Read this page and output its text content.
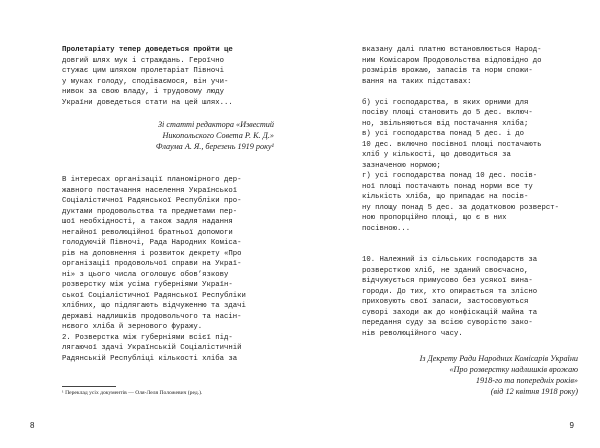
Пролетаріату тепер доведеться пройти це
довгий шлях мук і страждань. Героїчно
стужає цим шляхом пролетаріат Півночі
у муках голоду, сподіваємося, він учи-
нивок за свою владу, і трудовому люду
України доведеться стати на цей шлях...
Зі статті редактора «Известий
Никопольского Совета Р. К. Д.»
Флаума А. Я., березень 1919 року¹
В інтересах організації планомірного дер-
жавного постачання населення Української
Соціалістичної Радянської Республіки про-
дуктами продовольства та предметами пер-
шої необхідності, а також задля надання
негайної революційної братньої допомоги
голодуючій Півночі, Рада Народних Коміса-
рів на доповнення і розвиток декрету «Про
організації продовольчої справи на Украї-
ні» з цього числа оголошує обов’язкову
розверстку між усіма губерніями Україн-
ської Соціалістичної Радянської Республіки
хлібних, що підлягають відчуженню та здачі
державі надлишків продовольчого та насін-
нєвого хліба й зернового фуражу.
2. Розверстка між губерніями всієї під-
лягаючої здачі Українській Соціалістичній
Радянській Республіці кількості хліба за
¹ Переклад усіх документів — Оля-Леля Положевич (ред.).
8
вказану далі платню встановлюється Народ-
ним Комісаром Продовольства відповідно до
розмірів врожаю, запасів та норм спожи-
вання на таких підставах:
б) усі господарства, в яких орними для
посіву площі становить до 5 дес. включ-
но, звільняються від постачання хліба;
в) усі господарства понад 5 дес. і до
10 дес. включно посівної площі постачають
хліб у кількості, що доводиться за
зазначеною нормою;
г) усі господарства понад 10 дес. посів-
ної площі постачають понад норми все ту
кількість хліба, що припадає на посів-
ну площу понад 5 дес. за додатковою розверст-
ною пропорційно площі, що є в них
посівною...
10. Належний із сільських господарств за
розверсткою хліб, не зданий своєчасно,
відчужується примусово без усякої вина-
городи. До тих, хто опирається та злісно
приховують свої запаси, застосовуються
суворі заходи аж до конфіскацій майна та
передання суду за всією суворістю зако-
нів революційного часу.
Із Декрету Ради Народних Комісарів України
«Про розверстку надлишків врожаю
1918-го та попередніх років»
(від 12 квітня 1918 року)
9
